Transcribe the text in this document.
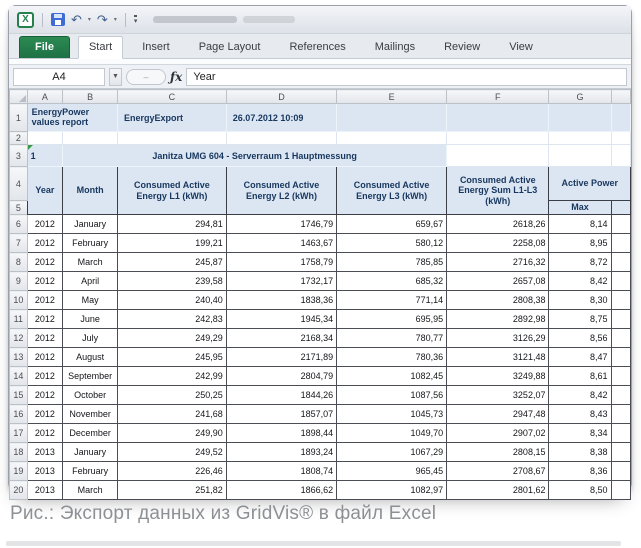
X	↶ ▾ ↷ ▾ ▾
File	Start	Insert	Page Layout	References	Mailings	Review	View
A4	▼	–	ƒx	Year
	A	B	C	D	E	F	G	
1	EnergyPower
values report		EnergyExport	26.07.2012 10:09				
2								
3	1	Janitza UMG 604 - Serverraum 1 Hauptmessung						
4	Year	Month	Consumed Active Energy L1 (kWh)	Consumed Active Energy L2 (kWh)	Consumed Active Energy L3 (kWh)	Consumed Active Energy Sum L1-L3 (kWh)	Active Power	
5							Max	
6	2012	January	294,81	1746,79	659,67	2618,26	8,14	
7	2012	February	199,21	1463,67	580,12	2258,08	8,95	
8	2012	March	245,87	1758,79	785,85	2716,32	8,72	
9	2012	April	239,58	1732,17	685,32	2657,08	8,42	
10	2012	May	240,40	1838,36	771,14	2808,38	8,30	
11	2012	June	242,83	1945,34	695,95	2892,98	8,75	
12	2012	July	249,29	2168,34	780,77	3126,29	8,56	
13	2012	August	245,95	2171,89	780,36	3121,48	8,47	
14	2012	September	242,99	2804,79	1082,45	3249,88	8,61	
15	2012	October	250,25	1844,26	1087,56	3252,07	8,42	
16	2012	November	241,68	1857,07	1045,73	2947,48	8,43	
17	2012	December	249,90	1898,44	1049,70	2907,02	8,34	
18	2013	January	249,52	1893,24	1067,29	2808,15	8,38	
19	2013	February	226,46	1808,74	965,45	2708,67	8,36	
20	2013	March	251,82	1866,62	1082,97	2801,62	8,50	
Рис.: Экспорт данных из GridVis® в файл Excel
